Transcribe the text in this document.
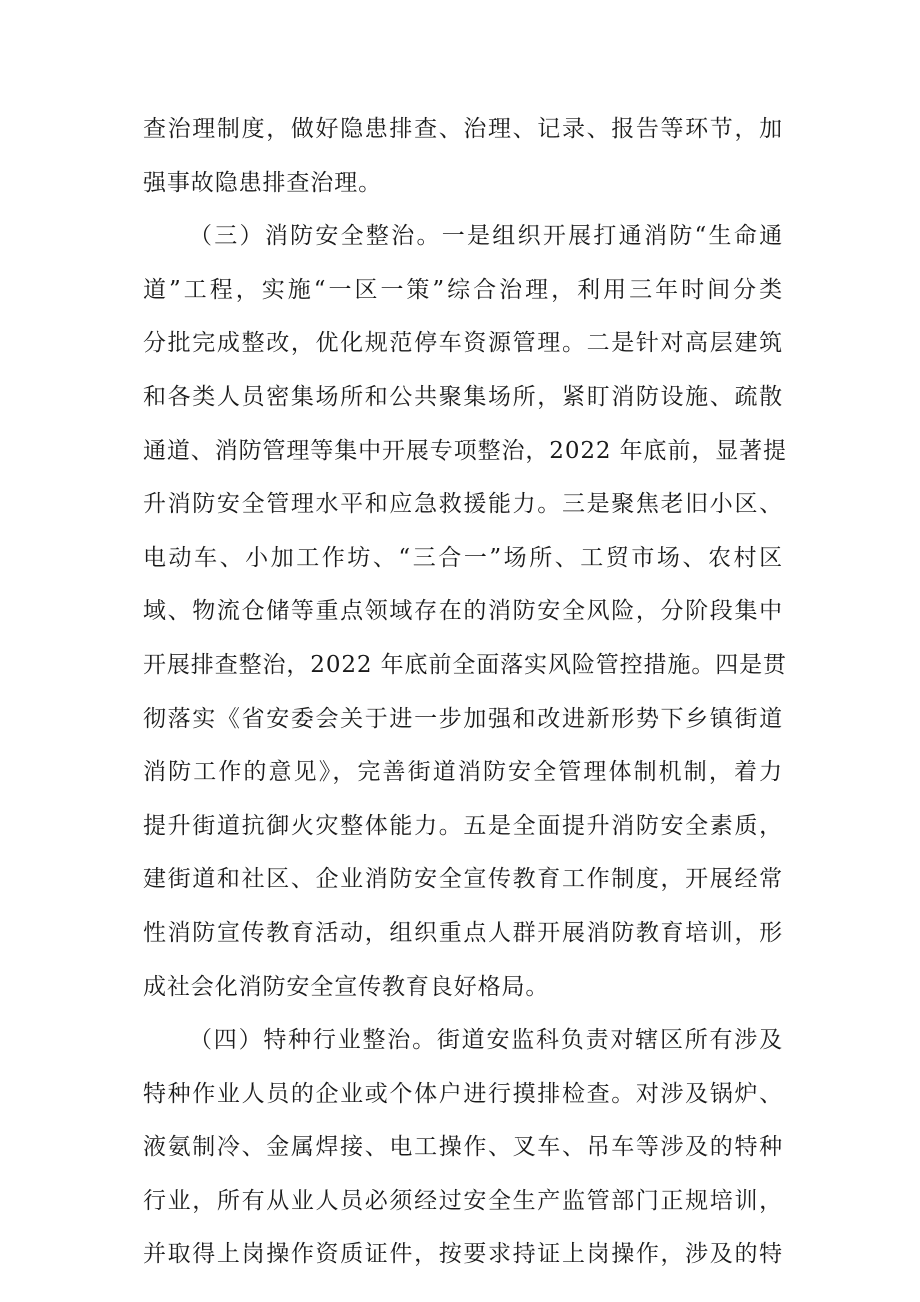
查治理制度，做好隐患排查、治理、记录、报告等环节，加
强事故隐患排查治理。
（三）消防安全整治。一是组织开展打通消防“生命通
道”工程，实施“一区一策”综合治理，利用三年时间分类
分批完成整改，优化规范停车资源管理。二是针对高层建筑
和各类人员密集场所和公共聚集场所，紧盯消防设施、疏散
通道、消防管理等集中开展专项整治，2022 年底前，显著提
升消防安全管理水平和应急救援能力。三是聚焦老旧小区、
电动车、小加工作坊、“三合一”场所、工贸市场、农村区
域、物流仓储等重点领域存在的消防安全风险，分阶段集中
开展排查整治，2022 年底前全面落实风险管控措施。四是贯
彻落实《省安委会关于进一步加强和改进新形势下乡镇街道
消防工作的意见》，完善街道消防安全管理体制机制，着力
提升街道抗御火灾整体能力。五是全面提升消防安全素质，
建街道和社区、企业消防安全宣传教育工作制度，开展经常
性消防宣传教育活动，组织重点人群开展消防教育培训，形
成社会化消防安全宣传教育良好格局。
（四）特种行业整治。街道安监科负责对辖区所有涉及
特种作业人员的企业或个体户进行摸排检查。对涉及锅炉、
液氨制冷、金属焊接、电工操作、叉车、吊车等涉及的特种
行业，所有从业人员必须经过安全生产监管部门正规培训，
并取得上岗操作资质证件，按要求持证上岗操作，涉及的特
